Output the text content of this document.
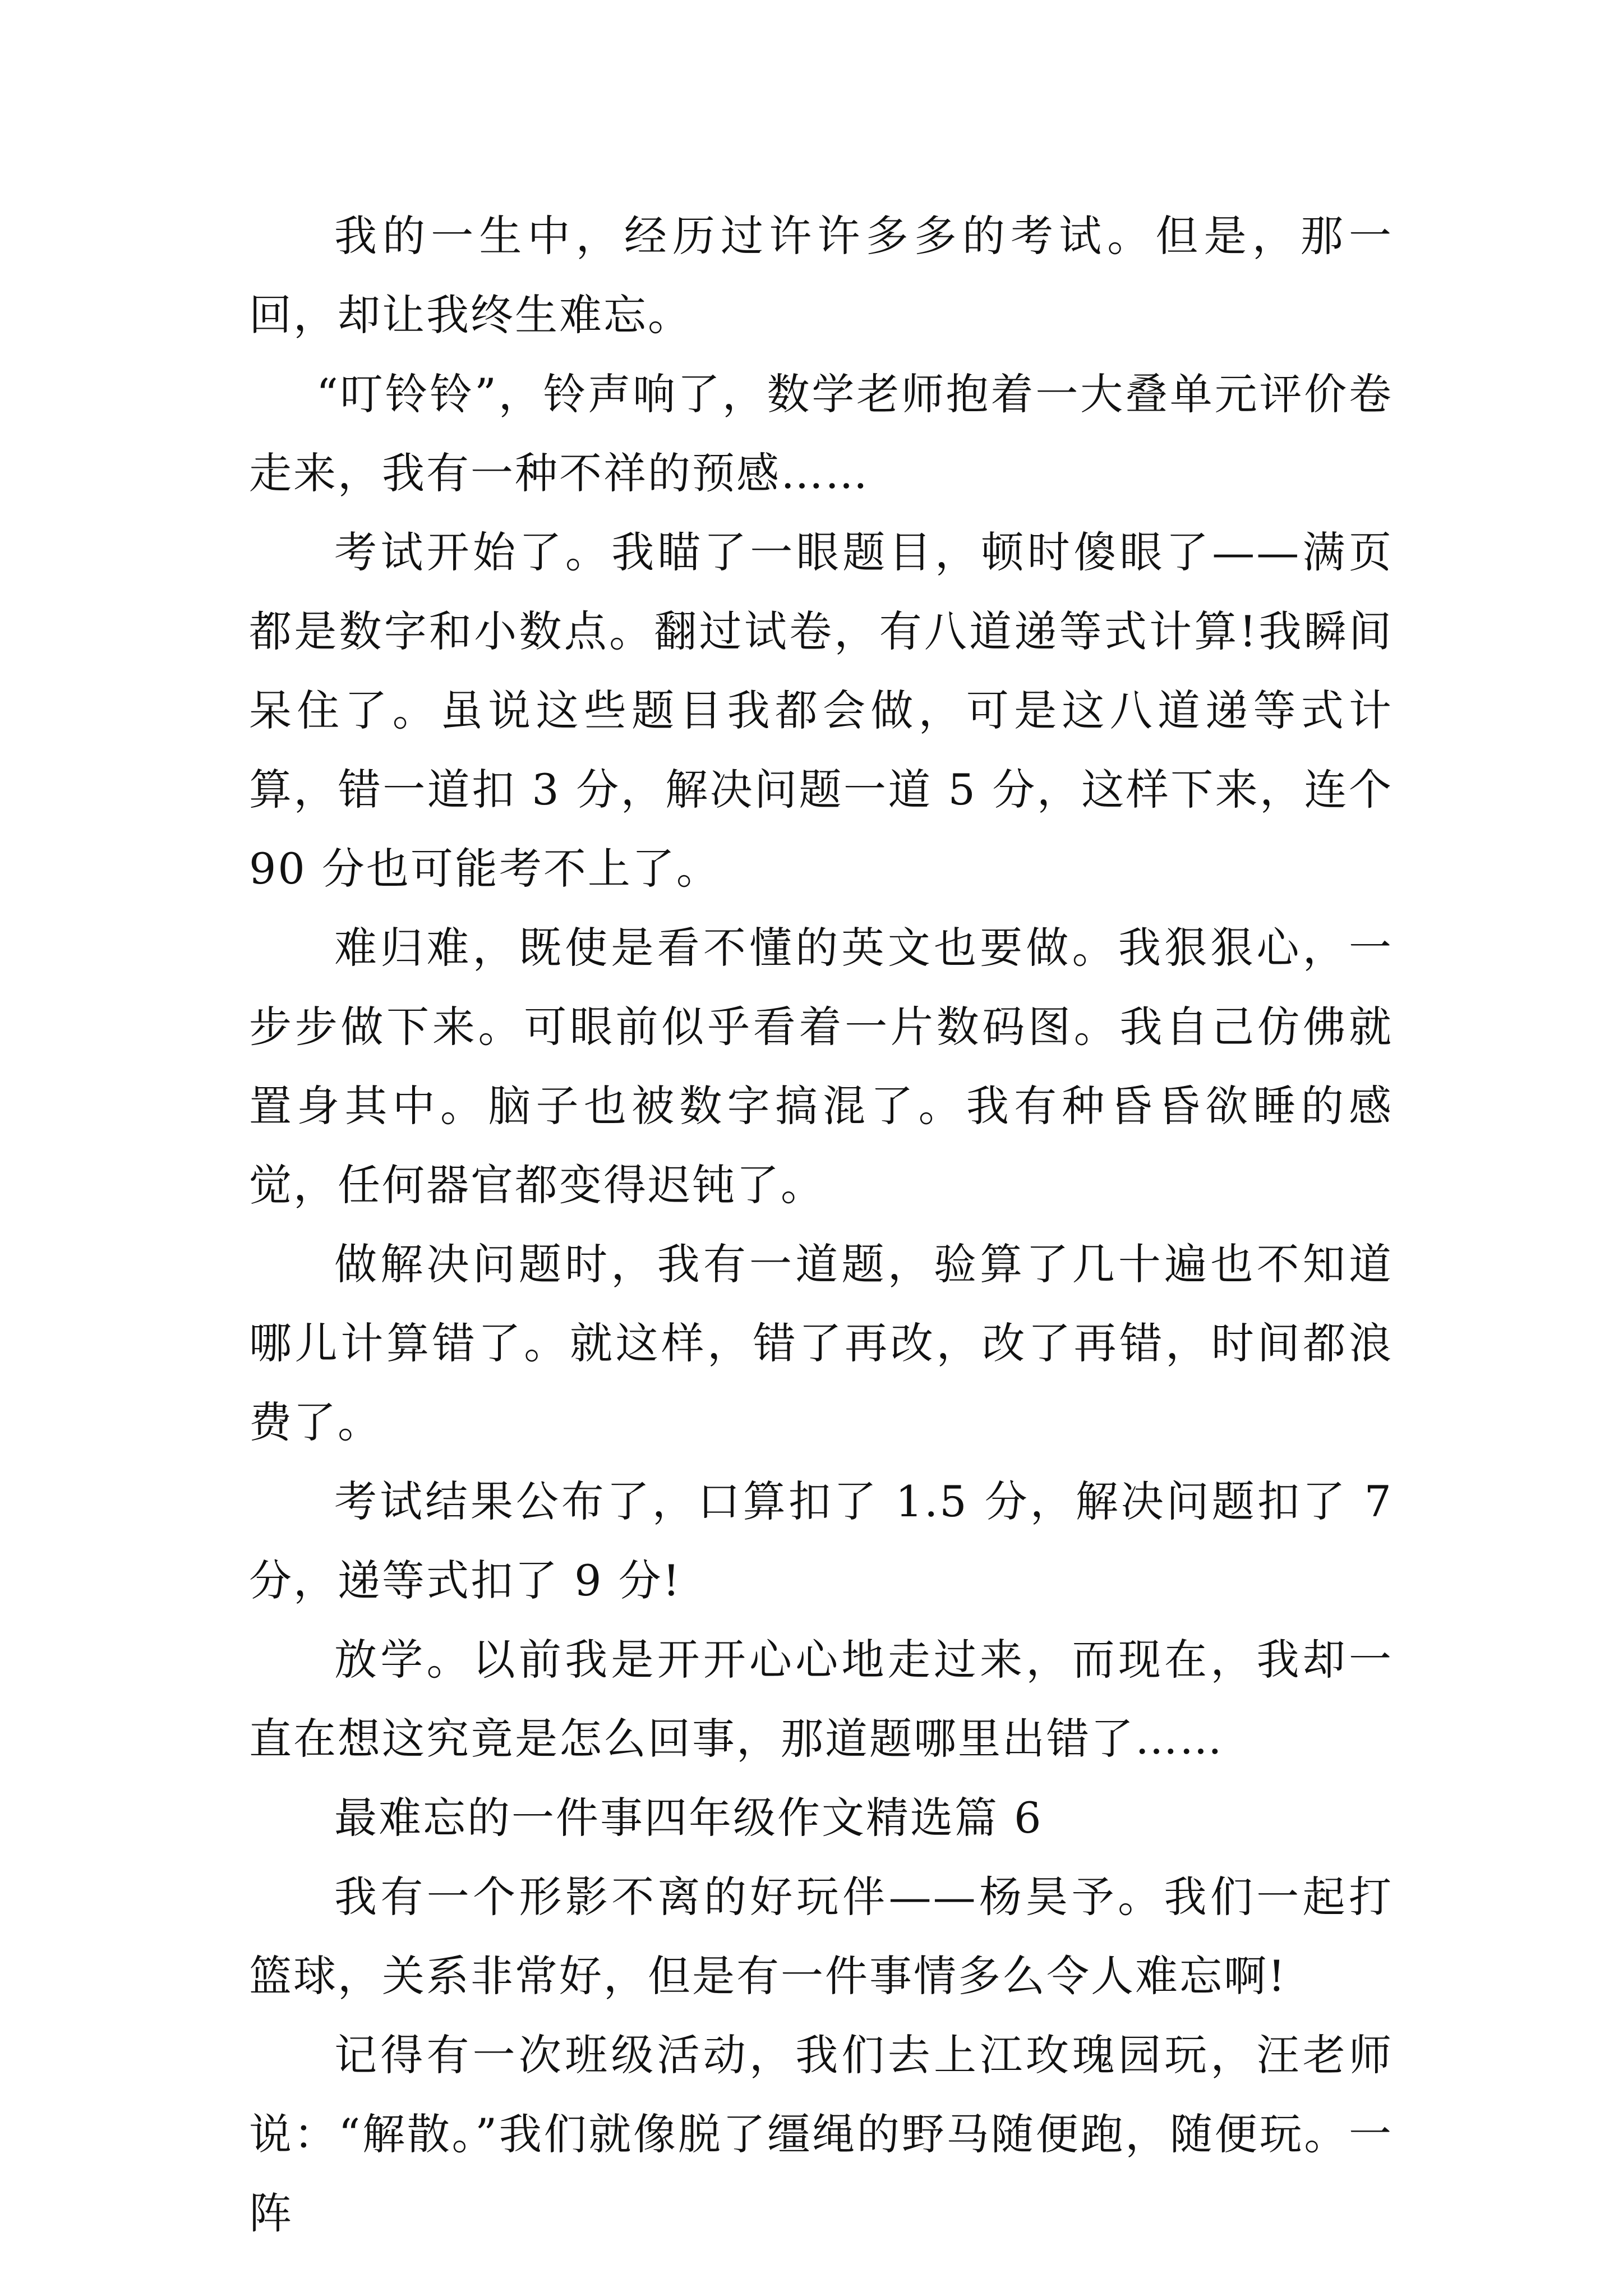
我的一生中，经历过许许多多的考试。但是，那一回，却让我终生难忘。

“叮铃铃”，铃声响了，数学老师抱着一大叠单元评价卷走来，我有一种不祥的预感……

考试开始了。我瞄了一眼题目，顿时傻眼了——满页都是数字和小数点。翻过试卷，有八道递等式计算!我瞬间呆住了。虽说这些题目我都会做，可是这八道递等式计算，错一道扣 3 分，解决问题一道 5 分，这样下来，连个 90 分也可能考不上了。

难归难，既使是看不懂的英文也要做。我狠狠心，一步步做下来。可眼前似乎看着一片数码图。我自己仿佛就置身其中。脑子也被数字搞混了。我有种昏昏欲睡的感觉，任何器官都变得迟钝了。

做解决问题时，我有一道题，验算了几十遍也不知道哪儿计算错了。就这样，错了再改，改了再错，时间都浪费了。

考试结果公布了，口算扣了 1.5 分，解决问题扣了 7 分，递等式扣了 9 分!

放学。以前我是开开心心地走过来，而现在，我却一直在想这究竟是怎么回事，那道题哪里出错了……

最难忘的一件事四年级作文精选篇 6

我有一个形影不离的好玩伴——杨昊予。我们一起打篮球，关系非常好，但是有一件事情多么令人难忘啊!

记得有一次班级活动，我们去上江玫瑰园玩，汪老师说：“解散。”我们就像脱了缰绳的野马随便跑，随便玩。一阵
